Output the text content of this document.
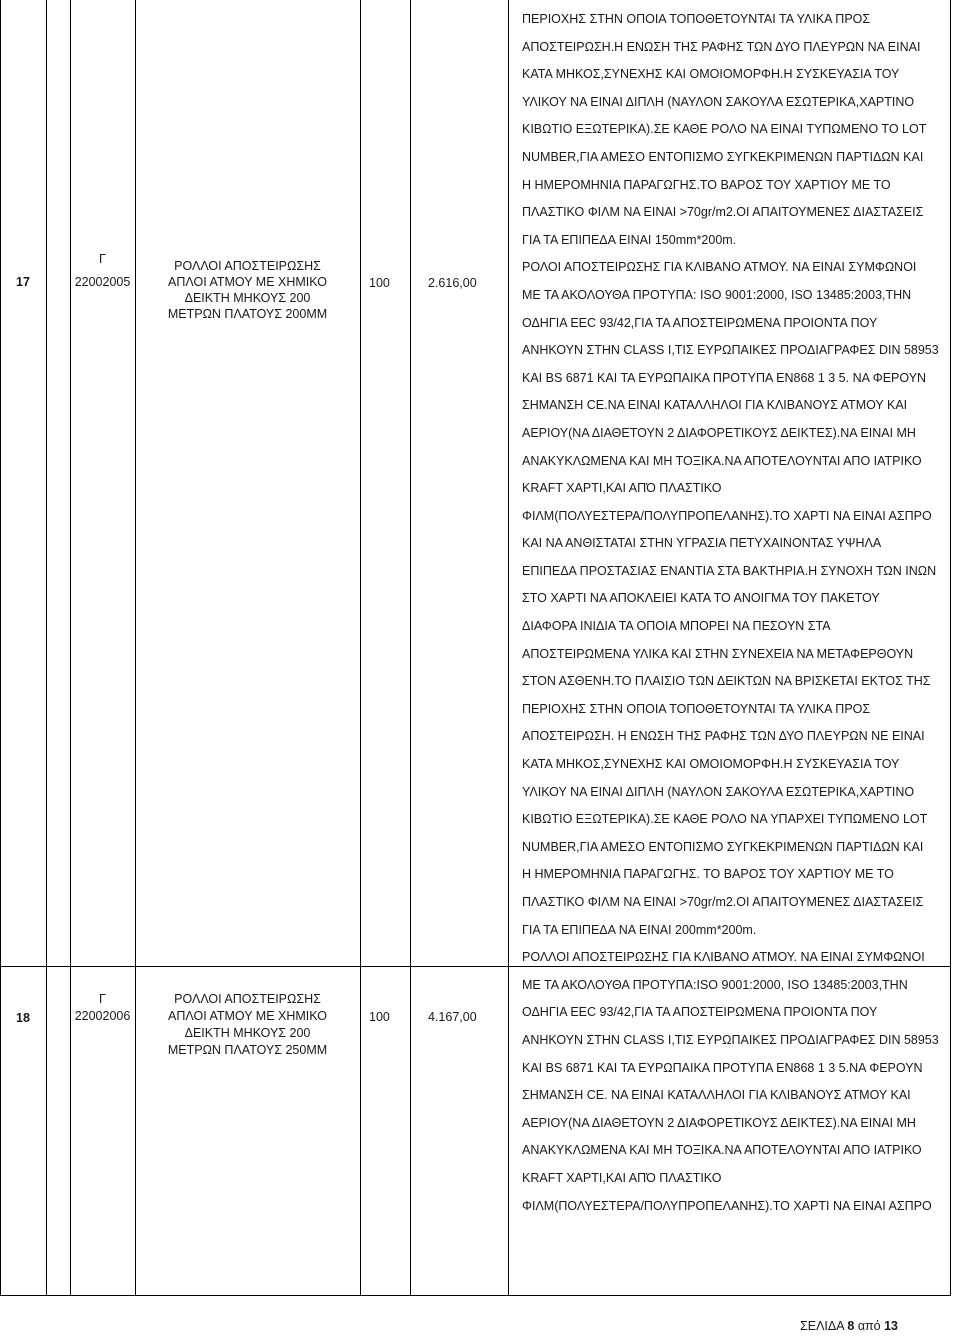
17
Γ
22002005
ΡΟΛΛΟΙ ΑΠΟΣΤΕΙΡΩΣΗΣ
ΑΠΛΟΙ ΑΤΜΟΥ ΜΕ ΧΗΜΙΚΟ
ΔΕΙΚΤΗ ΜΗΚΟΥΣ 200
ΜΕΤΡΩΝ ΠΛΑΤΟΥΣ 200ΜΜ
100	2.616,00
18
Γ
22002006
ΡΟΛΛΟΙ ΑΠΟΣΤΕΙΡΩΣΗΣ
ΑΠΛΟΙ ΑΤΜΟΥ ΜΕ ΧΗΜΙΚΟ
ΔΕΙΚΤΗ ΜΗΚΟΥΣ 200
ΜΕΤΡΩΝ ΠΛΑΤΟΥΣ 250ΜΜ
100	4.167,00
ΠΕΡΙΟΧΗΣ ΣΤΗΝ ΟΠΟΙΑ ΤΟΠΟΘΕΤΟΥΝΤΑΙ ΤΑ ΥΛΙΚΑ ΠΡΟΣ
ΑΠΟΣΤΕΙΡΩΣΗ.Η ΕΝΩΣΗ ΤΗΣ ΡΑΦΗΣ ΤΩΝ ΔΥΟ ΠΛΕΥΡΩΝ ΝΑ ΕΙΝΑΙ
ΚΑΤΑ ΜΗΚΟΣ,ΣΥΝΕΧΗΣ ΚΑΙ ΟΜΟΙΟΜΟΡΦΗ.Η ΣΥΣΚΕΥΑΣΙΑ ΤΟΥ
ΥΛΙΚΟΥ ΝΑ ΕΙΝΑΙ ΔΙΠΛΗ (ΝΑΥΛΟΝ ΣΑΚΟΥΛΑ ΕΣΩΤΕΡΙΚΑ,ΧΑΡΤΙΝΟ
ΚΙΒΩΤΙΟ ΕΞΩΤΕΡΙΚΑ).ΣΕ ΚΑΘΕ ΡΟΛΟ ΝΑ ΕΙΝΑΙ ΤΥΠΩΜΕΝΟ ΤΟ LOT
NUMBER,ΓΙΑ ΑΜΕΣΟ ΕΝΤΟΠΙΣΜΟ ΣΥΓΚΕΚΡΙΜΕΝΩΝ ΠΑΡΤΙΔΩΝ ΚΑΙ
Η ΗΜΕΡΟΜΗΝΙΑ ΠΑΡΑΓΩΓΗΣ.ΤΟ ΒΑΡΟΣ ΤΟΥ ΧΑΡΤΙΟΥ ΜΕ ΤΟ
ΠΛΑΣΤΙΚΟ ΦΙΛΜ ΝΑ ΕΙΝΑΙ >70gr/m2.ΟΙ ΑΠΑΙΤΟΥΜΕΝΕΣ ΔΙΑΣΤΑΣΕΙΣ
ΓΙΑ ΤΑ ΕΠΙΠΕΔΑ ΕΙΝΑΙ 150mm*200m.
ΡΟΛΟΙ ΑΠΟΣΤΕΙΡΩΣΗΣ ΓΙΑ ΚΛΙΒΑΝΟ ΑΤΜΟΥ. ΝΑ ΕΙΝΑΙ ΣΥΜΦΩΝΟΙ
ΜΕ ΤΑ ΑΚΟΛΟΥΘΑ ΠΡΟΤΥΠΑ: ISO 9001:2000, ISO 13485:2003,ΤΗΝ
ΟΔΗΓΙΑ EEC 93/42,ΓΙΑ ΤΑ ΑΠΟΣΤΕΙΡΩΜΕΝΑ ΠΡΟΙΟΝΤΑ ΠΟΥ
ΑΝΗΚΟΥΝ ΣΤΗΝ CLASS I,ΤΙΣ ΕΥΡΩΠΑΙΚΕΣ ΠΡΟΔΙΑΓΡΑΦΕΣ DIN 58953
ΚΑΙ BS 6871 ΚΑΙ ΤΑ ΕΥΡΩΠΑΙΚΑ ΠΡΟΤΥΠΑ ΕΝ868 1 3 5. ΝΑ ΦΕΡΟΥΝ
ΣΗΜΑΝΣΗ CE.ΝΑ ΕΙΝΑΙ ΚΑΤΑΛΛΗΛΟΙ ΓΙΑ ΚΛΙΒΑΝΟΥΣ ΑΤΜΟΥ ΚΑΙ
ΑΕΡΙΟΥ(ΝΑ ΔΙΑΘΕΤΟΥΝ 2 ΔΙΑΦΟΡΕΤΙΚΟΥΣ ΔΕΙΚΤΕΣ).ΝΑ ΕΙΝΑΙ ΜΗ
ΑΝΑΚΥΚΛΩΜΕΝΑ ΚΑΙ ΜΗ ΤΟΞΙΚΑ.ΝΑ ΑΠΟΤΕΛΟΥΝΤΑΙ ΑΠΟ ΙΑΤΡΙΚΟ
KRAFT ΧΑΡΤΙ,ΚΑΙ ΑΠΌ ΠΛΑΣΤΙΚΟ
ΦΙΛΜ(ΠΟΛΥΕΣΤΕΡΑ/ΠΟΛΥΠΡΟΠΕΛΑΝΗΣ).ΤΟ ΧΑΡΤΙ ΝΑ ΕΙΝΑΙ ΑΣΠΡΟ
ΚΑΙ ΝΑ ΑΝΘΙΣΤΑΤΑΙ ΣΤΗΝ ΥΓΡΑΣΙΑ ΠΕΤΥΧΑΙΝΟΝΤΑΣ ΥΨΗΛΑ
ΕΠΙΠΕΔΑ ΠΡΟΣΤΑΣΙΑΣ ΕΝΑΝΤΙΑ ΣΤΑ ΒΑΚΤΗΡΙΑ.Η ΣΥΝΟΧΗ ΤΩΝ ΙΝΩΝ
ΣΤΟ ΧΑΡΤΙ ΝΑ ΑΠΟΚΛΕΙΕΙ ΚΑΤΑ ΤΟ ΑΝΟΙΓΜΑ ΤΟΥ ΠΑΚΕΤΟΥ
ΔΙΑΦΟΡΑ ΙΝΙΔΙΑ ΤΑ ΟΠΟΙΑ ΜΠΟΡΕΙ ΝΑ ΠΕΣΟΥΝ ΣΤΑ
ΑΠΟΣΤΕΙΡΩΜΕΝΑ ΥΛΙΚΑ ΚΑΙ ΣΤΗΝ ΣΥΝΕΧΕΙΑ ΝΑ ΜΕΤΑΦΕΡΘΟΥΝ
ΣΤΟΝ ΑΣΘΕΝΗ.ΤΟ ΠΛΑΙΣΙΟ ΤΩΝ ΔΕΙΚΤΩΝ ΝΑ ΒΡΙΣΚΕΤΑΙ ΕΚΤΟΣ ΤΗΣ
ΠΕΡΙΟΧΗΣ ΣΤΗΝ ΟΠΟΙΑ ΤΟΠΟΘΕΤΟΥΝΤΑΙ ΤΑ ΥΛΙΚΑ ΠΡΟΣ
ΑΠΟΣΤΕΙΡΩΣΗ. Η ΕΝΩΣΗ ΤΗΣ ΡΑΦΗΣ ΤΩΝ ΔΥΟ ΠΛΕΥΡΩΝ ΝΕ ΕΙΝΑΙ
ΚΑΤΑ ΜΗΚΟΣ,ΣΥΝΕΧΗΣ ΚΑΙ ΟΜΟΙΟΜΟΡΦΗ.Η ΣΥΣΚΕΥΑΣΙΑ ΤΟΥ
ΥΛΙΚΟΥ ΝΑ ΕΙΝΑΙ ΔΙΠΛΗ (ΝΑΥΛΟΝ ΣΑΚΟΥΛΑ ΕΣΩΤΕΡΙΚΑ,ΧΑΡΤΙΝΟ
ΚΙΒΩΤΙΟ ΕΞΩΤΕΡΙΚΑ).ΣΕ ΚΑΘΕ ΡΟΛΟ ΝΑ ΥΠΑΡΧΕΙ ΤΥΠΩΜΕΝΟ LOT
NUMBER,ΓΙΑ ΑΜΕΣΟ ΕΝΤΟΠΙΣΜΟ ΣΥΓΚΕΚΡΙΜΕΝΩΝ ΠΑΡΤΙΔΩΝ ΚΑΙ
Η ΗΜΕΡΟΜΗΝΙΑ ΠΑΡΑΓΩΓΗΣ. ΤΟ ΒΑΡΟΣ ΤΟΥ ΧΑΡΤΙΟΥ ΜΕ ΤΟ
ΠΛΑΣΤΙΚΟ ΦΙΛΜ ΝΑ ΕΙΝΑΙ >70gr/m2.ΟΙ ΑΠΑΙΤΟΥΜΕΝΕΣ ΔΙΑΣΤΑΣΕΙΣ
ΓΙΑ ΤΑ ΕΠΙΠΕΔΑ ΝΑ ΕΙΝΑΙ 200mm*200m.
ΡΟΛΛΟΙ ΑΠΟΣΤΕΙΡΩΣΗΣ ΓΙΑ ΚΛΙΒΑΝΟ ΑΤΜΟΥ. ΝΑ ΕΙΝΑΙ ΣΥΜΦΩΝΟΙ
ΜΕ ΤΑ ΑΚΟΛΟΥΘΑ ΠΡΟΤΥΠΑ:ISO 9001:2000, ISO 13485:2003,ΤΗΝ
ΟΔΗΓΙΑ EEC 93/42,ΓΙΑ ΤΑ ΑΠΟΣΤΕΙΡΩΜΕΝΑ ΠΡΟΙΟΝΤΑ ΠΟΥ
ΑΝΗΚΟΥΝ ΣΤΗΝ CLASS I,ΤΙΣ ΕΥΡΩΠΑΙΚΕΣ ΠΡΟΔΙΑΓΡΑΦΕΣ DIN 58953
ΚΑΙ BS 6871 ΚΑΙ ΤΑ ΕΥΡΩΠΑΙΚΑ ΠΡΟΤΥΠΑ ΕΝ868 1 3 5.ΝΑ ΦΕΡΟΥΝ
ΣΗΜΑΝΣΗ CE. ΝΑ ΕΙΝΑΙ ΚΑΤΑΛΛΗΛΟΙ ΓΙΑ ΚΛΙΒΑΝΟΥΣ ΑΤΜΟΥ ΚΑΙ
ΑΕΡΙΟΥ(ΝΑ ΔΙΑΘΕΤΟΥΝ 2 ΔΙΑΦΟΡΕΤΙΚΟΥΣ ΔΕΙΚΤΕΣ).ΝΑ ΕΙΝΑΙ ΜΗ
ΑΝΑΚΥΚΛΩΜΕΝΑ ΚΑΙ ΜΗ ΤΟΞΙΚΑ.ΝΑ ΑΠΟΤΕΛΟΥΝΤΑΙ ΑΠΟ ΙΑΤΡΙΚΟ
KRAFT ΧΑΡΤΙ,ΚΑΙ ΑΠΌ ΠΛΑΣΤΙΚΟ
ΦΙΛΜ(ΠΟΛΥΕΣΤΕΡΑ/ΠΟΛΥΠΡΟΠΕΛΑΝΗΣ).ΤΟ ΧΑΡΤΙ ΝΑ ΕΙΝΑΙ ΑΣΠΡΟ
ΣΕΛΙΔΑ 8 από 13
